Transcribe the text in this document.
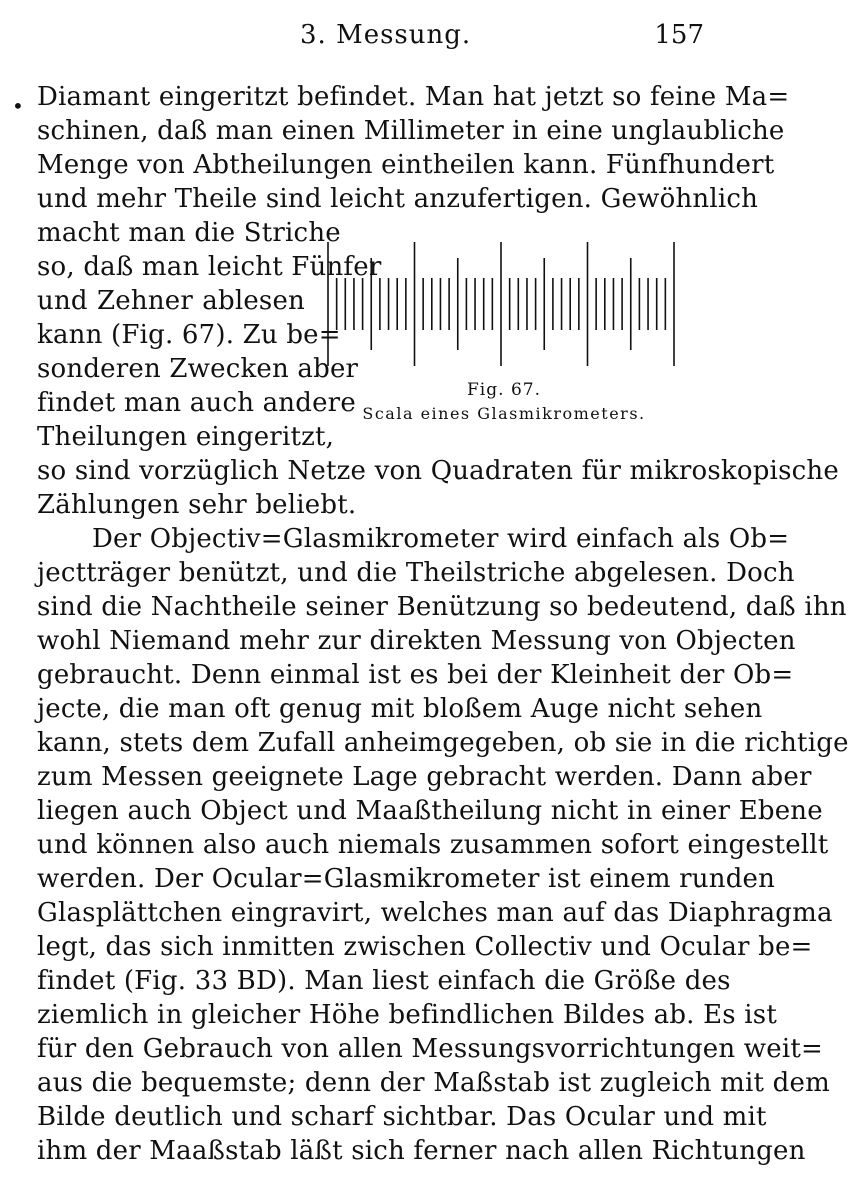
3. Messung.	157
• Diamant eingeritzt befindet. Man hat jetzt so feine Ma=
schinen, daß man einen Millimeter in eine unglaubliche
Menge von Abtheilungen eintheilen kann. Fünfhundert
und mehr Theile sind leicht anzufertigen. Gewöhnlich
macht man die Striche
so, daß man leicht Fünfer
und Zehner ablesen
kann (Fig. 67). Zu be=
sonderen Zwecken aber
findet man auch andere
Theilungen eingeritzt,
so sind vorzüglich Netze von Quadraten für mikroskopische
Zählungen sehr beliebt.
Der Objectiv=Glasmikrometer wird einfach als Ob=
jectträger benützt, und die Theilstriche abgelesen. Doch
sind die Nachtheile seiner Benützung so bedeutend, daß ihn
wohl Niemand mehr zur direkten Messung von Objecten
gebraucht. Denn einmal ist es bei der Kleinheit der Ob=
jecte, die man oft genug mit bloßem Auge nicht sehen
kann, stets dem Zufall anheimgegeben, ob sie in die richtige
zum Messen geeignete Lage gebracht werden. Dann aber
liegen auch Object und Maaßtheilung nicht in einer Ebene
und können also auch niemals zusammen sofort eingestellt
werden. Der Ocular=Glasmikrometer ist einem runden
Glasplättchen eingravirt, welches man auf das Diaphragma
legt, das sich inmitten zwischen Collectiv und Ocular be=
findet (Fig. 33 BD). Man liest einfach die Größe des
ziemlich in gleicher Höhe befindlichen Bildes ab. Es ist
für den Gebrauch von allen Messungsvorrichtungen weit=
aus die bequemste; denn der Maßstab ist zugleich mit dem
Bilde deutlich und scharf sichtbar. Das Ocular und mit
ihm der Maaßstab läßt sich ferner nach allen Richtungen
Fig. 67.
Scala eines Glasmikrometers.
